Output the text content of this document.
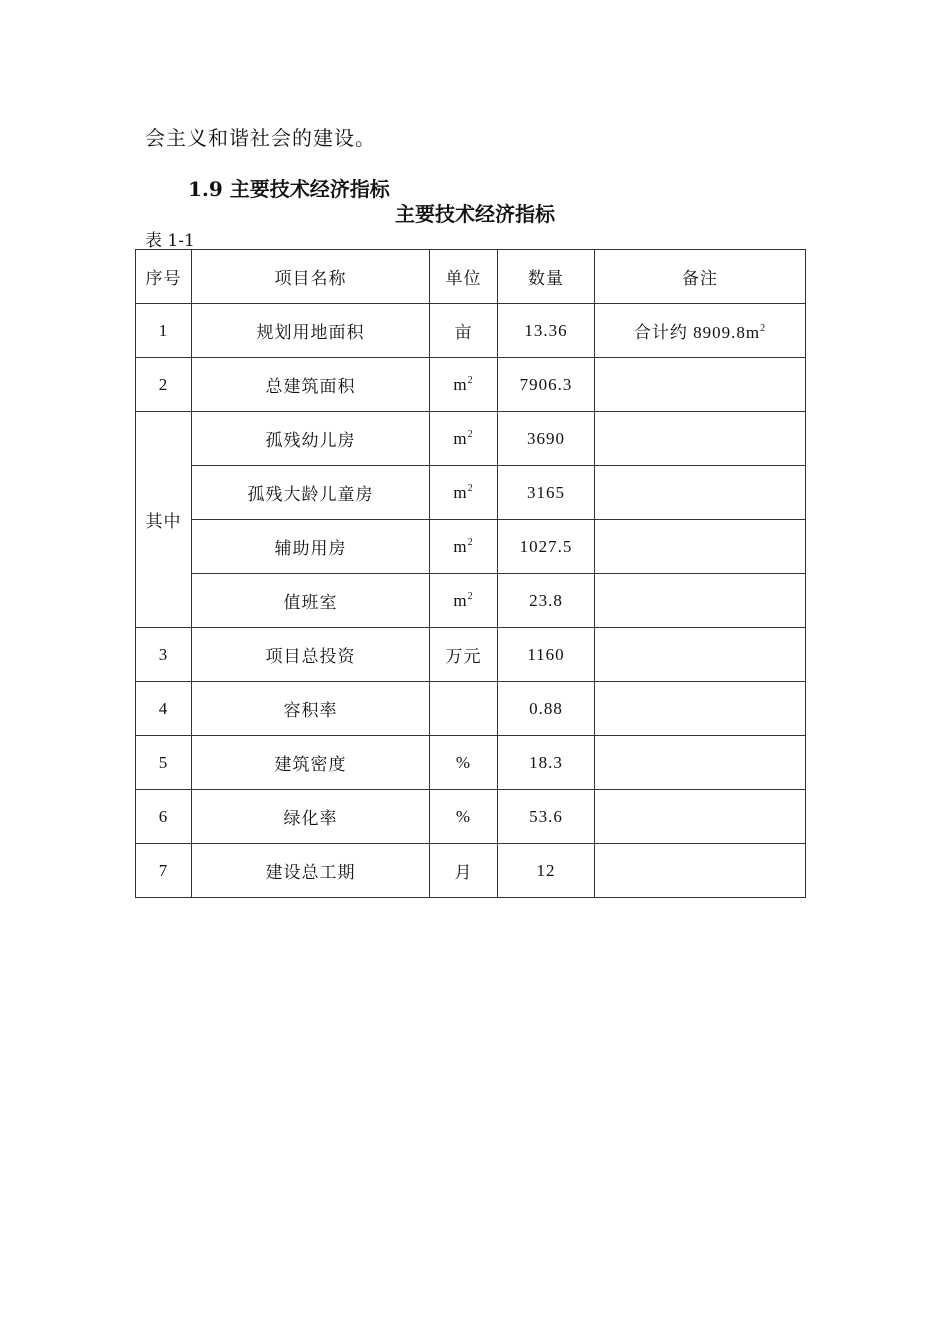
会主义和谐社会的建设。
1.9 主要技术经济指标
主要技术经济指标
表 1-1
序号	项目名称	单位	数量	备注
1	规划用地面积	亩	13.36	合计约 $8909.8m^2$
2	总建筑面积	$m^2$	7906.3	
其中	孤残幼儿房	$m^2$	3690	
	孤残大龄儿童房	$m^2$	3165	
	辅助用房	$m^2$	1027.5	
	值班室	$m^2$	23.8	
3	项目总投资	万元	1160	
4	容积率		0.88	
5	建筑密度	%	18.3	
6	绿化率	%	53.6	
7	建设总工期	月	12	
